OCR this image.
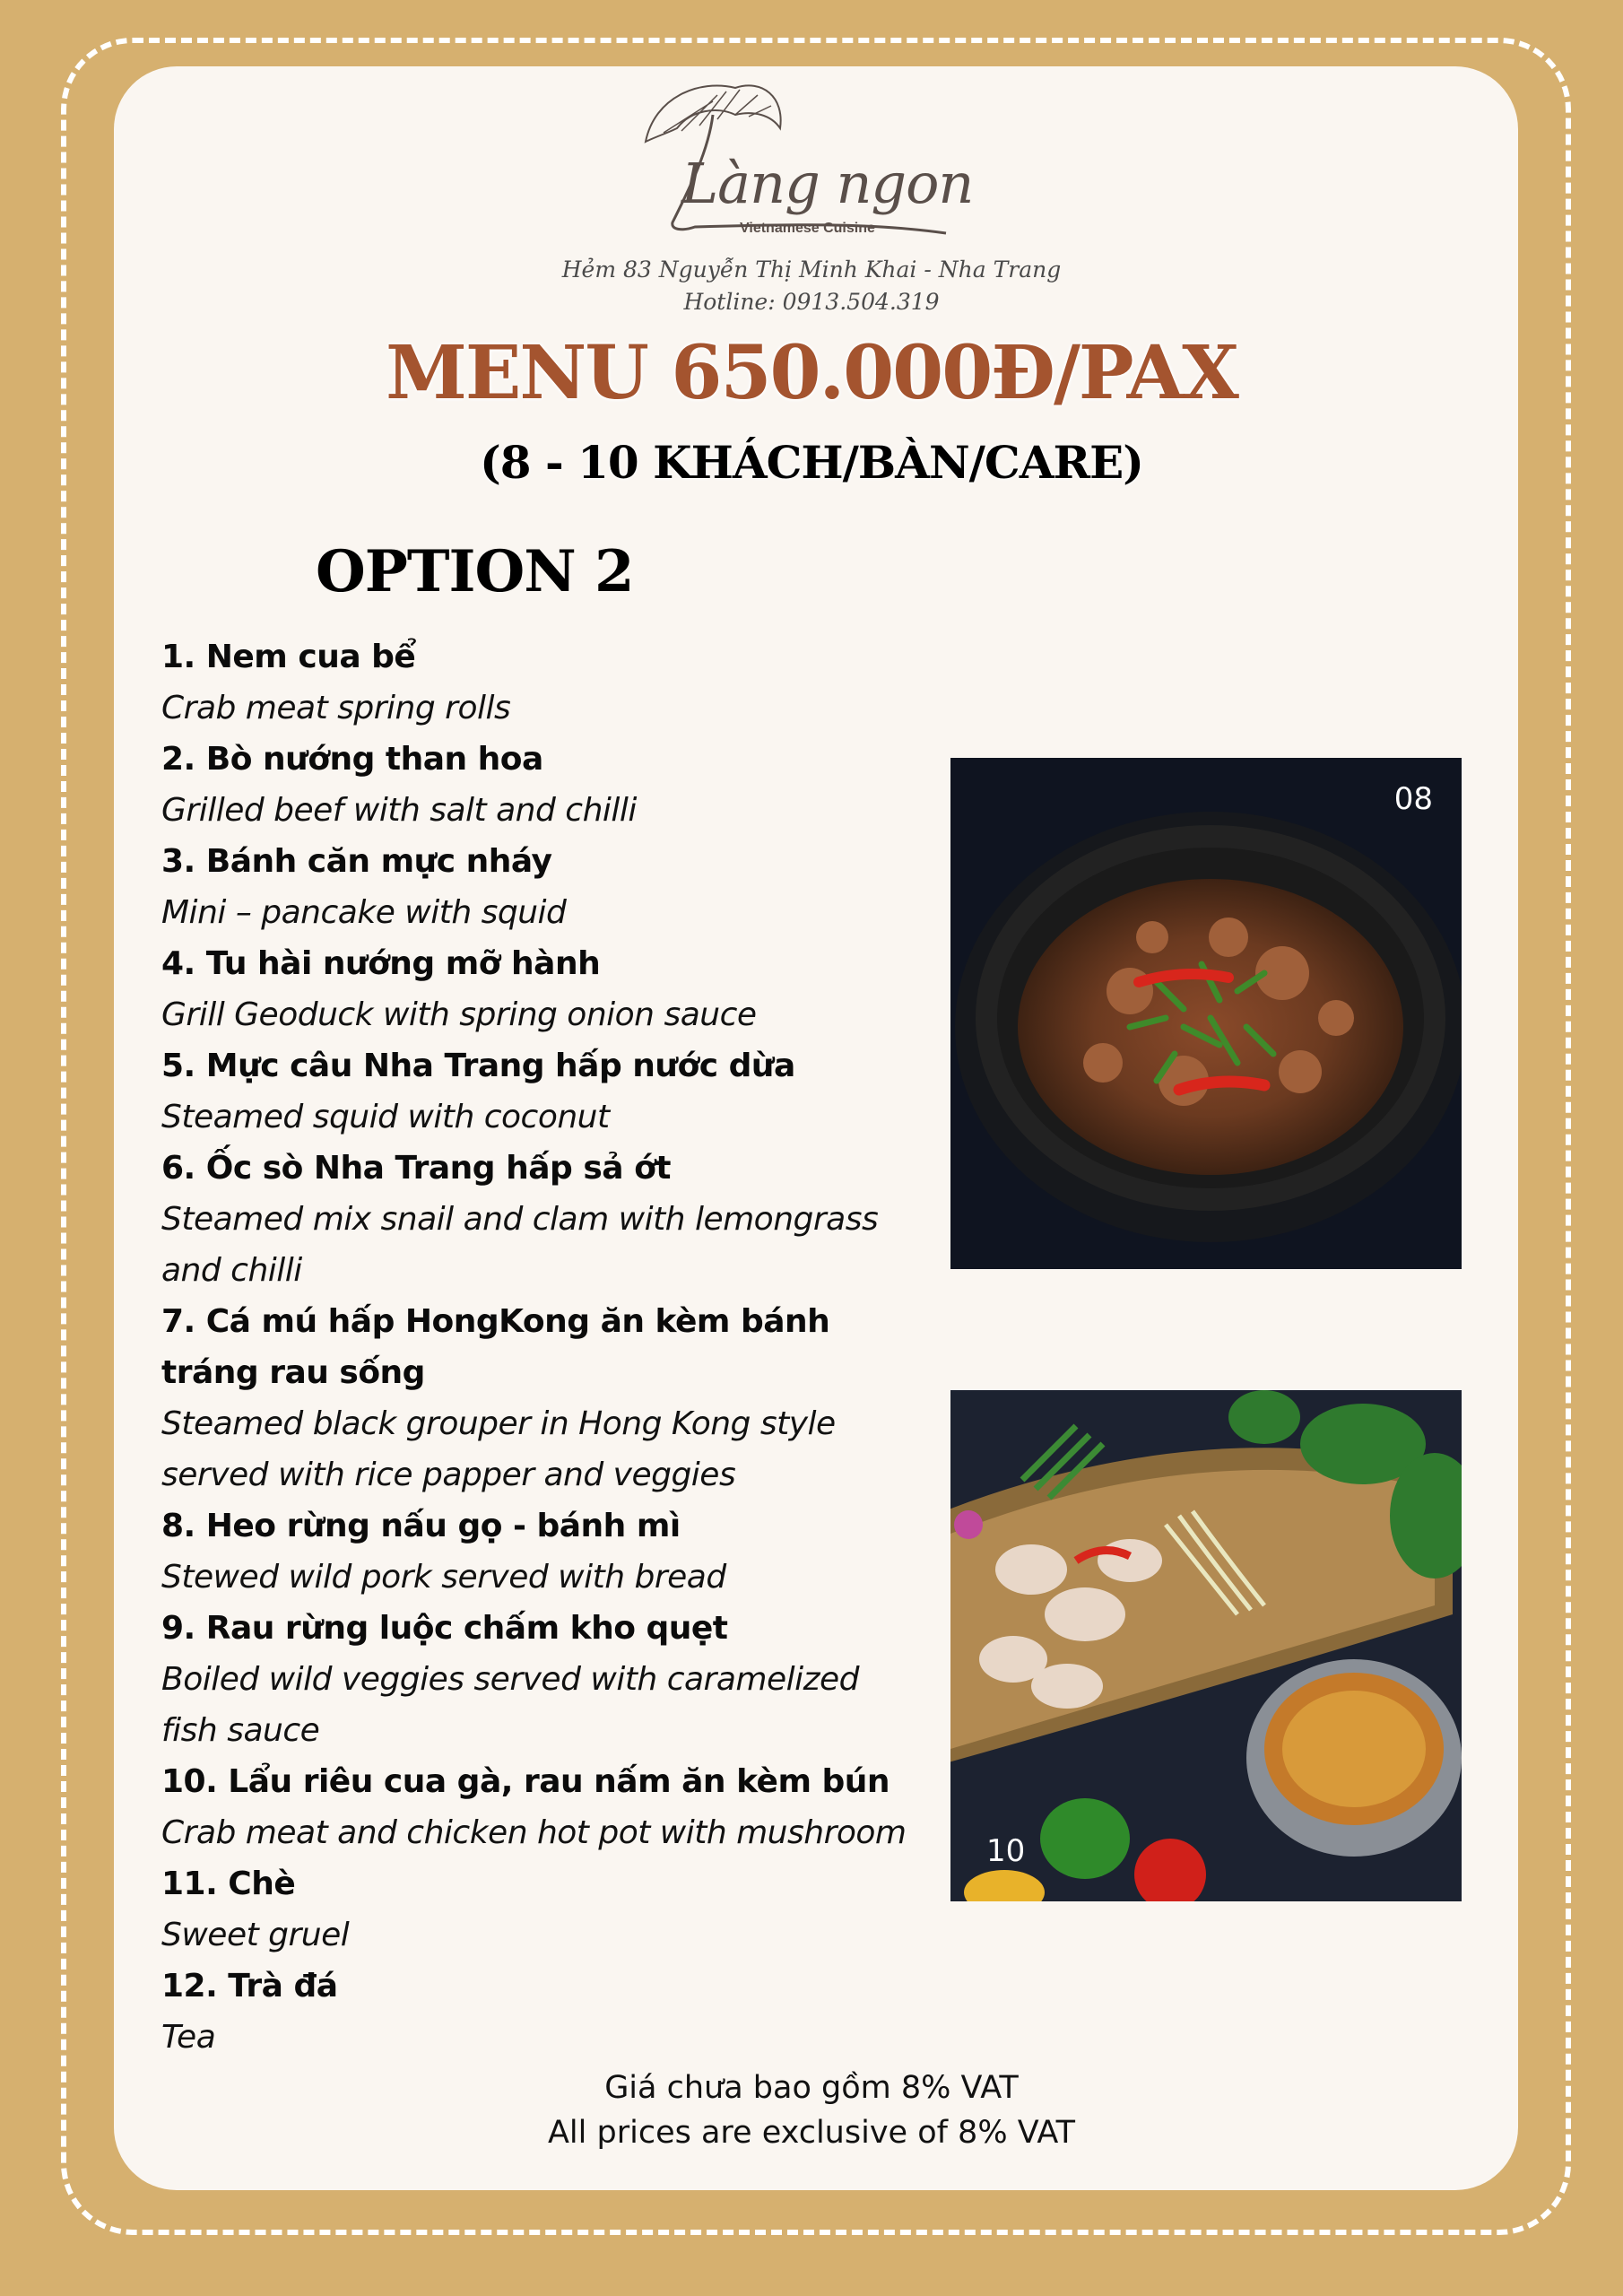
Làng ngon
Vietnamese Cuisine
Hẻm 83 Nguyễn Thị Minh Khai - Nha Trang
Hotline: 0913.504.319
MENU 650.000Đ/PAX
(8 - 10 KHÁCH/BÀN/CARE)
OPTION 2
1. Nem cua bể
Crab meat spring rolls
2. Bò nướng than hoa
Grilled beef with salt and chilli
3. Bánh căn mực nháy
Mini – pancake with squid
4. Tu hài nướng mỡ hành
Grill Geoduck with spring onion sauce
5. Mực câu Nha Trang hấp nước dừa
Steamed squid with coconut
6. Ốc sò Nha Trang hấp sả ớt
Steamed mix snail and clam with lemongrass
and chilli
7. Cá mú hấp HongKong ăn kèm bánh
tráng rau sống
Steamed black grouper in Hong Kong style
served with rice papper and veggies
8. Heo rừng nấu gọ - bánh mì
Stewed wild pork served with bread
9. Rau rừng luộc chấm kho quẹt
Boiled wild veggies served with caramelized
fish sauce
10. Lẩu riêu cua gà, rau nấm ăn kèm bún
Crab meat and chicken hot pot with mushroom
11. Chè
Sweet gruel
12. Trà đá
Tea
08
10
Giá chưa bao gồm 8% VAT
All prices are exclusive of 8% VAT
